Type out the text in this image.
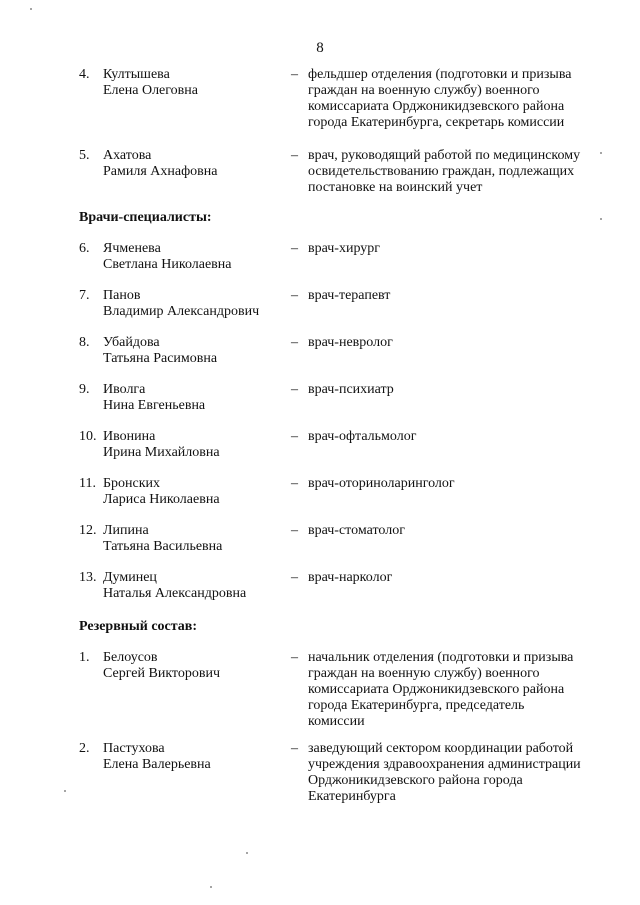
8
4. Култышева
Елена Олеговна
– фельдшер отделения (подготовки и призыва
граждан на военную службу) военного
комиссариата Орджоникидзевского района
города Екатеринбурга, секретарь комиссии
5. Ахатова
Рамиля Ахнафовна
– врач, руководящий работой по медицинскому
освидетельствованию граждан, подлежащих
постановке на воинский учет
Врачи-специалисты:
6. Ячменева
Светлана Николаевна
– врач-хирург
7. Панов
Владимир Александрович
– врач-терапевт
8. Убайдова
Татьяна Расимовна
– врач-невролог
9. Иволга
Нина Евгеньевна
– врач-психиатр
10. Ивонина
Ирина Михайловна
– врач-офтальмолог
11. Бронских
Лариса Николаевна
– врач-оториноларинголог
12. Липина
Татьяна Васильевна
– врач-стоматолог
13. Думинец
Наталья Александровна
– врач-нарколог
Резервный состав:
1. Белоусов
Сергей Викторович
– начальник отделения (подготовки и призыва
граждан на военную службу) военного
комиссариата Орджоникидзевского района
города Екатеринбурга, председатель
комиссии
2. Пастухова
Елена Валерьевна
– заведующий сектором координации работой
учреждения здравоохранения администрации
Орджоникидзевского района города
Екатеринбурга
